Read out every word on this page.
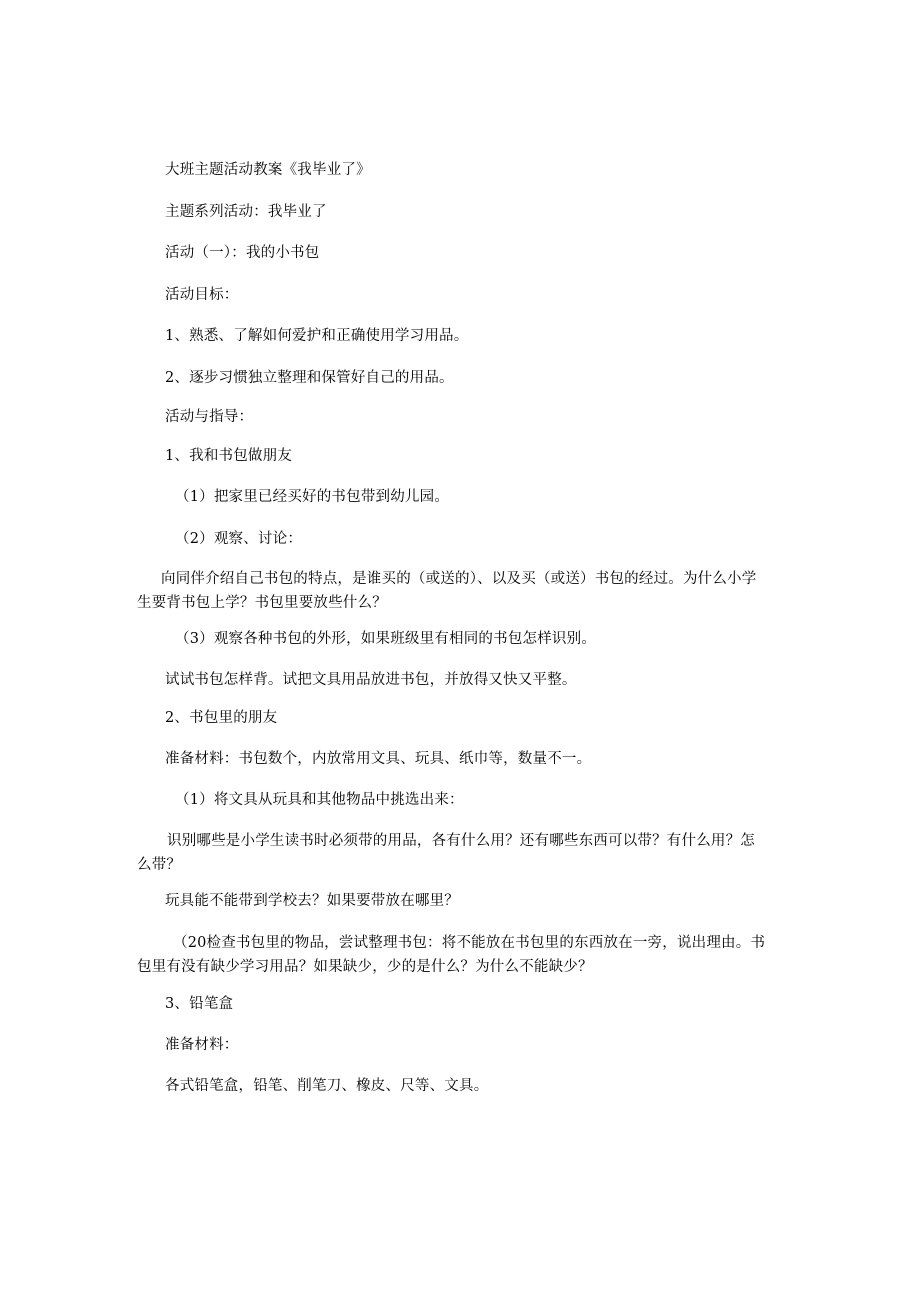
大班主题活动教案《我毕业了》
主题系列活动：我毕业了
活动（一）：我的小书包
活动目标：
1、熟悉、了解如何爱护和正确使用学习用品。
2、逐步习惯独立整理和保管好自己的用品。
活动与指导：
1、我和书包做朋友
（1）把家里已经买好的书包带到幼儿园。
（2）观察、讨论：
向同伴介绍自己书包的特点，是谁买的（或送的）、以及买（或送）书包的经过。为什么小学生要背书包上学？书包里要放些什么？
（3）观察各种书包的外形，如果班级里有相同的书包怎样识别。
试试书包怎样背。试把文具用品放进书包，并放得又快又平整。
2、书包里的朋友
准备材料：书包数个，内放常用文具、玩具、纸巾等，数量不一。
（1）将文具从玩具和其他物品中挑选出来：
识别哪些是小学生读书时必须带的用品，各有什么用？还有哪些东西可以带？有什么用？怎么带？
玩具能不能带到学校去？如果要带放在哪里？
（20检查书包里的物品，尝试整理书包：将不能放在书包里的东西放在一旁，说出理由。书包里有没有缺少学习用品？如果缺少，少的是什么？为什么不能缺少？
3、铅笔盒
准备材料：
各式铅笔盒，铅笔、削笔刀、橡皮、尺等、文具。
